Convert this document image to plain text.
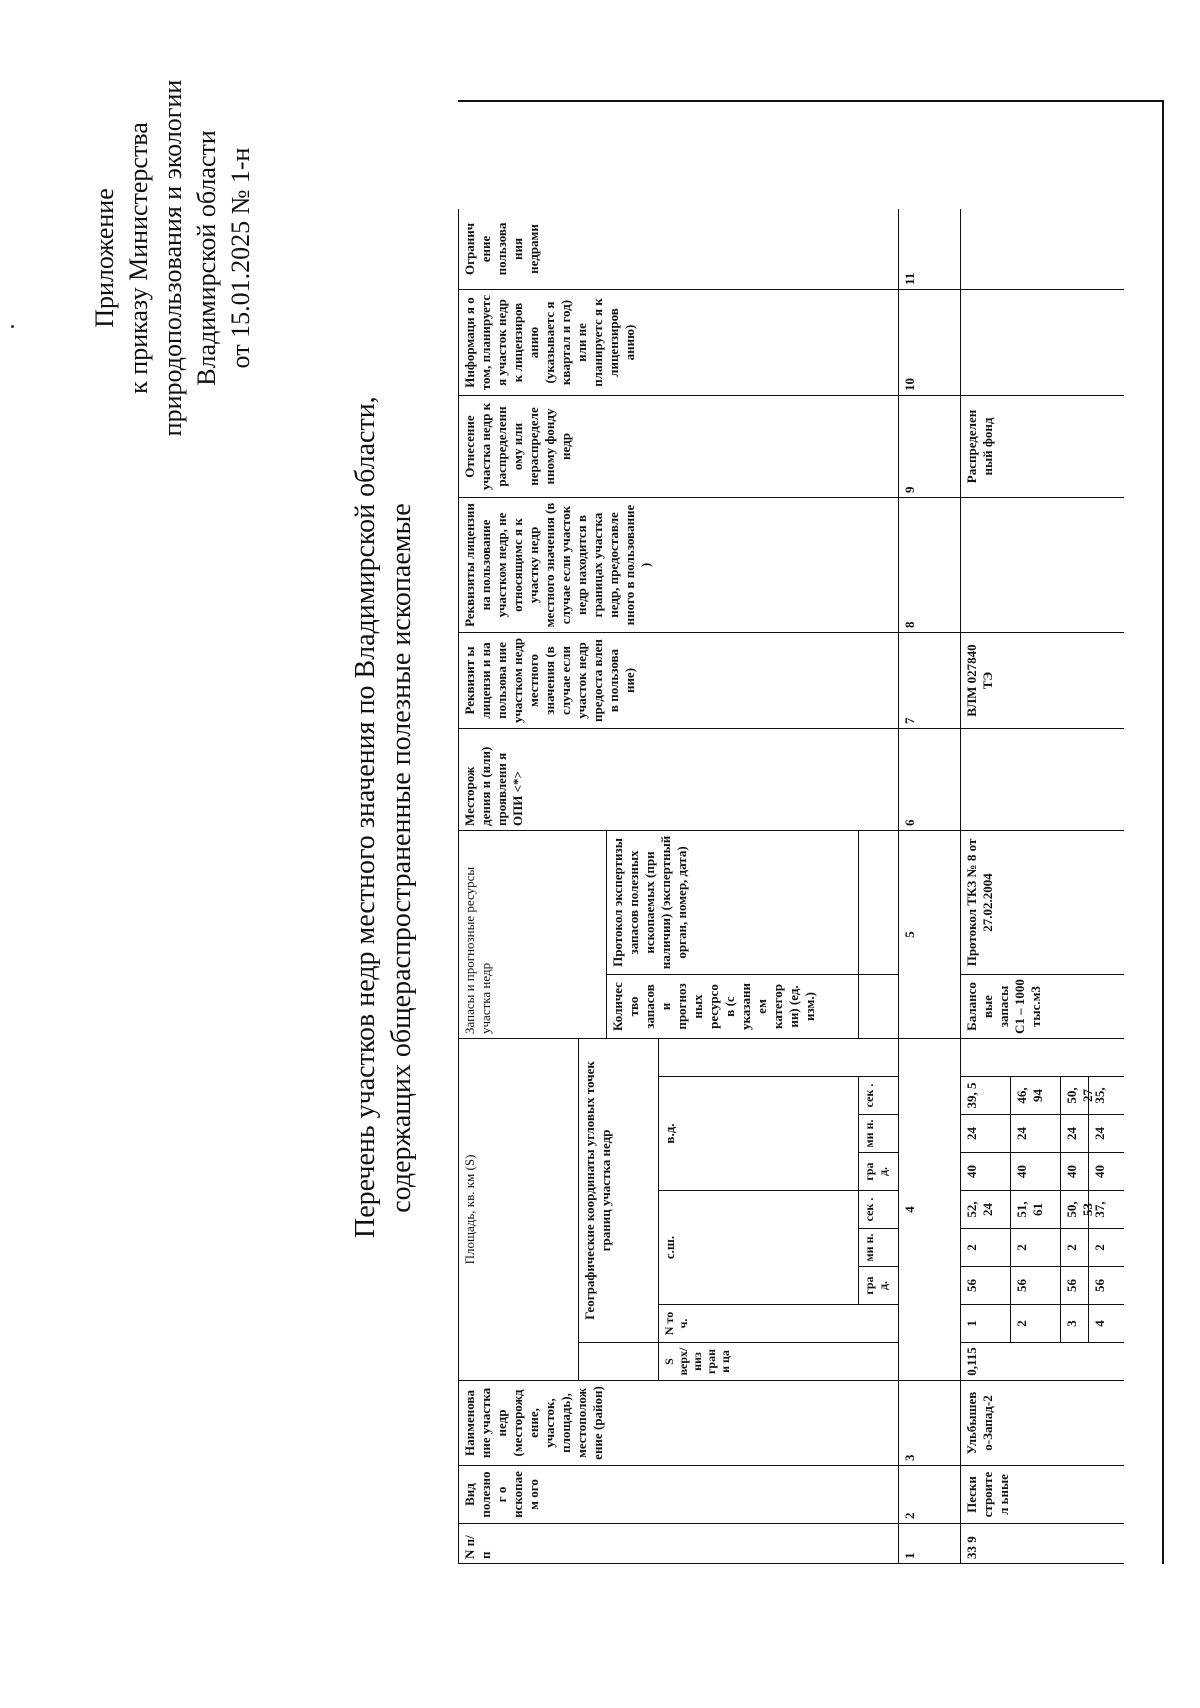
Приложение к приказу Министерства природопользования и экологии Владимирской области от 15.01.2025 № 1-н
Перечень участков недр местного значения по Владимирской области, содержащих общераспространенные полезные ископаемые
N п/ п
Вид полезног о ископаем ого
Наименова ние участка недр (месторожд ение, участок, площадь), местополож ение (район)
Площадь, кв. км (S)	Географические координаты угловых точек границ участка недр
S верх/ низ грани ца
с.ш.
в.д.
N то ч.
гра д.
ми н.
сек .
гра д.
ми н.
сек .
Запасы и прогнозные ресурсы участка недр	Количес тво запасов и прогноз ных ресурсо в (с указани ем категор ии) (ед. изм.)
Протокол экспертизы запасов полезных ископаемых (при наличии) (экспертный орган, номер, дата)
Месторож дения и (или) проявлени я ОПИ <*>
Реквизит ы лицензи и на пользова ние участком недр местного значения (в случае если участок недр предоста влен в пользова ние)
Реквизиты лицензии на пользование участком недр, не относящимс я к участку недр местного значения (в случае если участок недр находится в границах участка недр, предоставле нного в пользование )
Отнесение участка недр к распределенн ому или нераспределе нному фонду недр
Информаци я о том, планируетс я участок недр к лицензиров анию (указываетс я квартал и год) или не планируетс я к лицензиров анию)
Огранич ение пользова ния недрами
1
2
3
4
5
6
7
8
9
10
11
33 9
Пески строител ьные
Ульбышев о-Запад-2
0,115
1
56
2
52, 24
40
24
39, 5
2
56
2
51, 61
40
24
46, 94
3
56
2
50, 53
40
24
50, 27
4
56
2
37,
40
24
35,
Балансо вые запасы С1 – 1000 тыс.м3
Протокол ТКЗ № 8 от 27.02.2004
ВЛМ 027840 ТЭ
Распределен ный фонд
